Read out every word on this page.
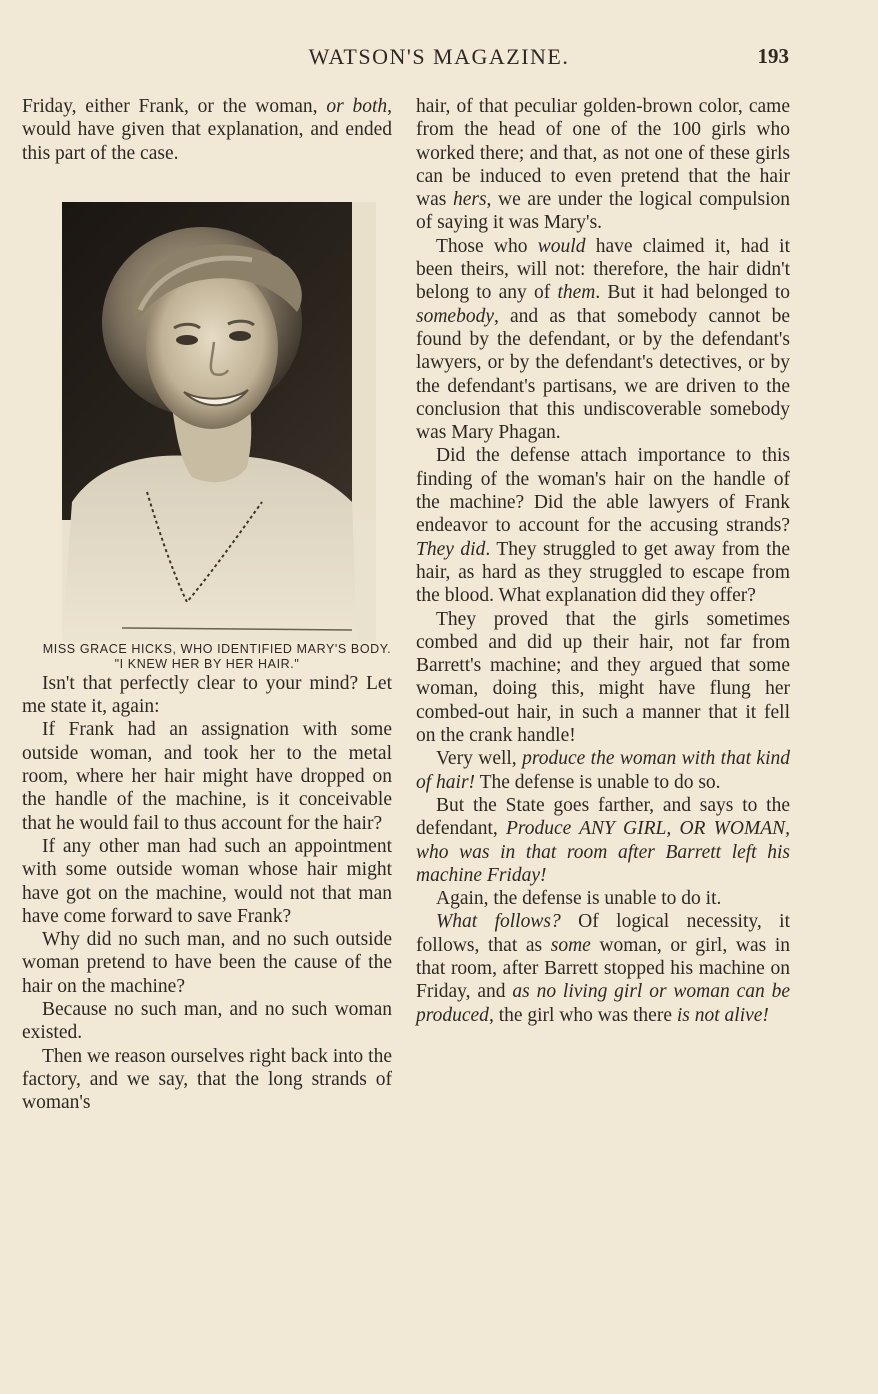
WATSON'S MAGAZINE.	193

Friday, either Frank, or the woman, or both, would have given that explanation, and ended this part of the case.

MISS GRACE HICKS, WHO IDENTIFIED MARY'S BODY. "I KNEW HER BY HER HAIR."

Isn't that perfectly clear to your mind? Let me state it, again:

If Frank had an assignation with some outside woman, and took her to the metal room, where her hair might have dropped on the handle of the machine, is it conceivable that he would fail to thus account for the hair?

If any other man had such an appointment with some outside woman whose hair might have got on the machine, would not that man have come forward to save Frank?

Why did no such man, and no such outside woman pretend to have been the cause of the hair on the machine?

Because no such man, and no such woman existed.

Then we reason ourselves right back into the factory, and we say, that the long strands of woman's

hair, of that peculiar golden-brown color, came from the head of one of the 100 girls who worked there; and that, as not one of these girls can be induced to even pretend that the hair was hers, we are under the logical compulsion of saying it was Mary's.

Those who would have claimed it, had it been theirs, will not: therefore, the hair didn't belong to any of them. But it had belonged to somebody, and as that somebody cannot be found by the defendant, or by the defendant's lawyers, or by the defendant's detectives, or by the defendant's partisans, we are driven to the conclusion that this undiscoverable somebody was Mary Phagan.

Did the defense attach importance to this finding of the woman's hair on the handle of the machine? Did the able lawyers of Frank endeavor to account for the accusing strands? They did. They struggled to get away from the hair, as hard as they struggled to escape from the blood. What explanation did they offer?

They proved that the girls sometimes combed and did up their hair, not far from Barrett's machine; and they argued that some woman, doing this, might have flung her combed-out hair, in such a manner that it fell on the crank handle!

Very well, produce the woman with that kind of hair! The defense is unable to do so.

But the State goes farther, and says to the defendant, Produce ANY GIRL, OR WOMAN, who was in that room after Barrett left his machine Friday!

Again, the defense is unable to do it.

What follows? Of logical necessity, it follows, that as some woman, or girl, was in that room, after Barrett stopped his machine on Friday, and as no living girl or woman can be produced, the girl who was there is not alive!
